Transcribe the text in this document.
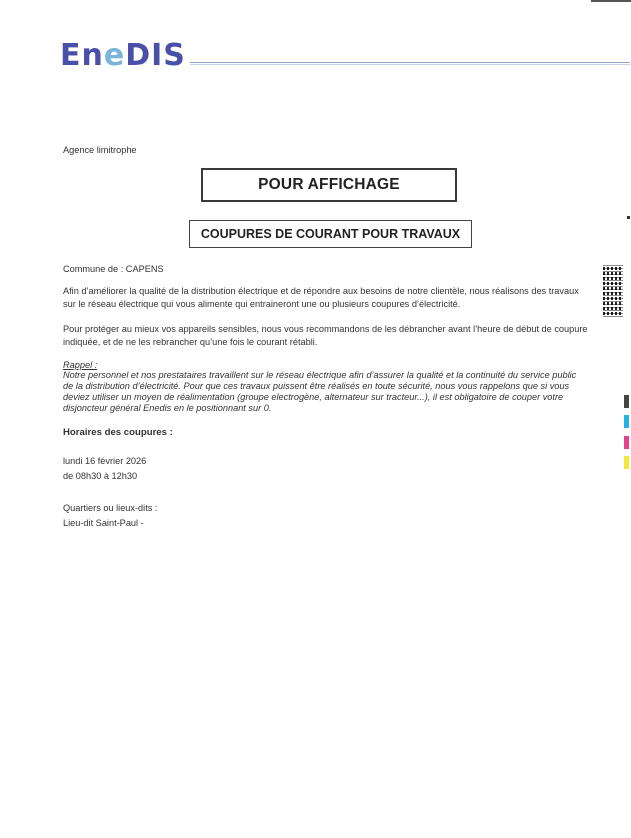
EneDIS
Agence limitrophe
POUR AFFICHAGE
COUPURES DE COURANT POUR TRAVAUX
Commune de : CAPENS
Afin d’améliorer la qualité de la distribution électrique et de répondre aux besoins de notre clientèle, nous réalisons des travaux sur le réseau électrique qui vous alimente qui entraineront une ou plusieurs coupures d’électricité.
Pour protéger au mieux vos appareils sensibles, nous vous recommandons de les débrancher avant l’heure de début de coupure indiquée, et de ne les rebrancher qu’une fois le courant rétabli.
Rappel :
Notre personnel et nos prestataires travaillent sur le réseau électrique afin d’assurer la qualité et la continuité du service public de la distribution d’électricité. Pour que ces travaux puissent être réalisés en toute sécurité, nous vous rappelons que si vous deviez utiliser un moyen de réalimentation (groupe electrogène, alternateur sur tracteur...), il est obligatoire de couper votre disjoncteur général Enedis en le positionnant sur 0.
Horaires des coupures :
lundi 16 février 2026
de 08h30 à 12h30
Quartiers ou lieux-dits :
Lieu-dit Saint-Paul -
